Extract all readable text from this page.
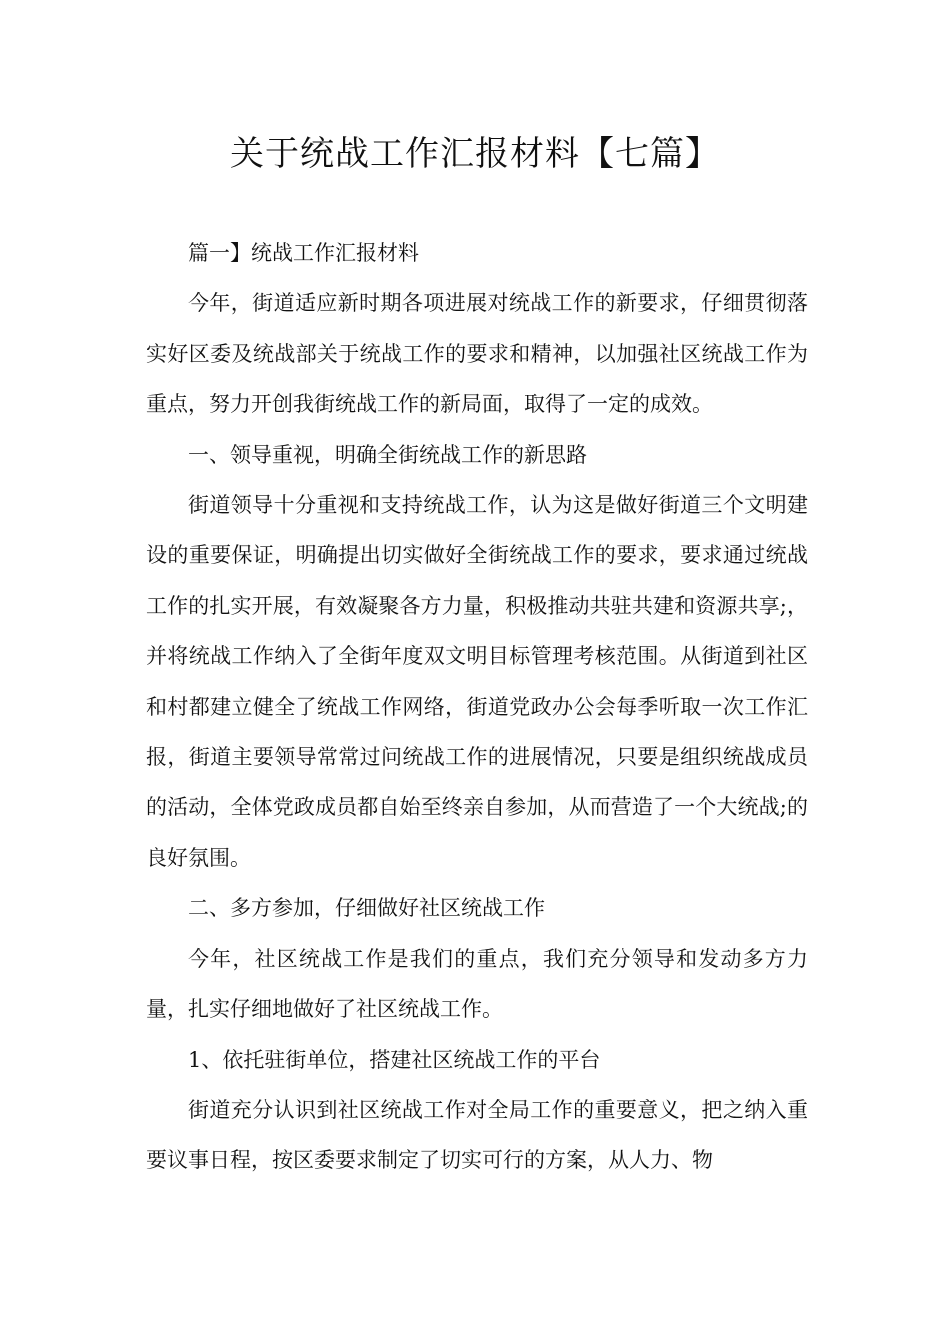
关于统战工作汇报材料【七篇】

篇一】统战工作汇报材料

今年，街道适应新时期各项进展对统战工作的新要求，仔细贯彻落实好区委及统战部关于统战工作的要求和精神，以加强社区统战工作为重点，努力开创我街统战工作的新局面，取得了一定的成效。

一、领导重视，明确全街统战工作的新思路

街道领导十分重视和支持统战工作，认为这是做好街道三个文明建设的重要保证，明确提出切实做好全街统战工作的要求，要求通过统战工作的扎实开展，有效凝聚各方力量，积极推动共驻共建和资源共享;，并将统战工作纳入了全街年度双文明目标管理考核范围。从街道到社区和村都建立健全了统战工作网络，街道党政办公会每季听取一次工作汇报，街道主要领导常常过问统战工作的进展情况，只要是组织统战成员的活动，全体党政成员都自始至终亲自参加，从而营造了一个大统战;的良好氛围。

二、多方参加，仔细做好社区统战工作

今年，社区统战工作是我们的重点，我们充分领导和发动多方力量，扎实仔细地做好了社区统战工作。

1、依托驻街单位，搭建社区统战工作的平台

街道充分认识到社区统战工作对全局工作的重要意义，把之纳入重要议事日程，按区委要求制定了切实可行的方案，从人力、物
